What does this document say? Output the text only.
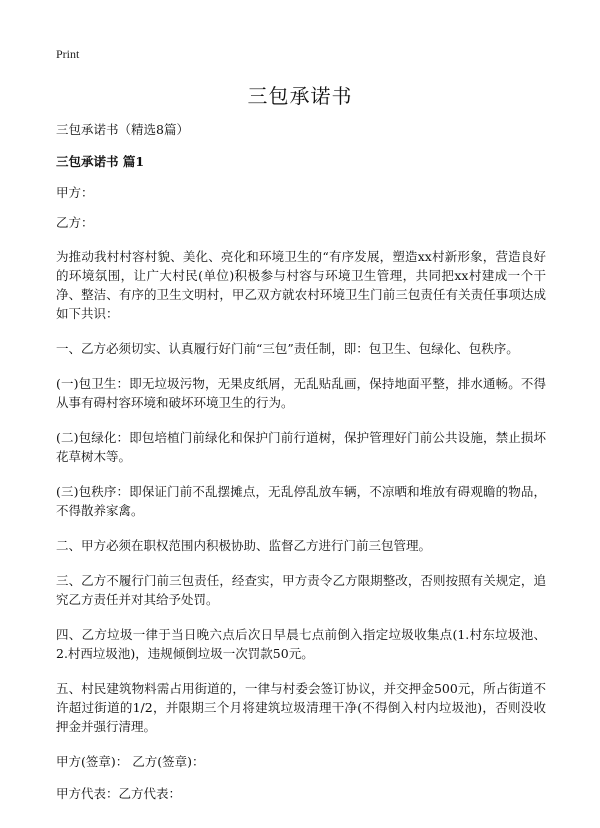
Print
三包承诺书

三包承诺书（精选8篇）

三包承诺书 篇1

甲方：

乙方：

为推动我村村容村貌、美化、亮化和环境卫生的“有序发展，塑造xx村新形象，营造良好的环境氛围，让广大村民(单位)积极参与村容与环境卫生管理，共同把xx村建成一个干净、整洁、有序的卫生文明村，甲乙双方就农村环境卫生门前三包责任有关责任事项达成如下共识：

一、乙方必须切实、认真履行好门前“三包”责任制，即：包卫生、包绿化、包秩序。

(一)包卫生：即无垃圾污物，无果皮纸屑，无乱贴乱画，保持地面平整，排水通畅。不得从事有碍村容环境和破坏环境卫生的行为。

(二)包绿化：即包培植门前绿化和保护门前行道树，保护管理好门前公共设施，禁止损坏花草树木等。

(三)包秩序：即保证门前不乱摆摊点，无乱停乱放车辆，不凉晒和堆放有碍观瞻的物品，不得散养家禽。

二、甲方必须在职权范围内积极协助、监督乙方进行门前三包管理。

三、乙方不履行门前三包责任，经查实，甲方责令乙方限期整改，否则按照有关规定，追究乙方责任并对其给予处罚。

四、乙方垃圾一律于当日晚六点后次日早晨七点前倒入指定垃圾收集点(1.村东垃圾池、2.村西垃圾池)，违规倾倒垃圾一次罚款50元。

五、村民建筑物料需占用街道的，一律与村委会签订协议，并交押金500元，所占街道不许超过街道的1/2，并限期三个月将建筑垃圾清理干净(不得倒入村内垃圾池)，否则没收押金并强行清理。

甲方(签章)： 乙方(签章)：

甲方代表：乙方代表：
